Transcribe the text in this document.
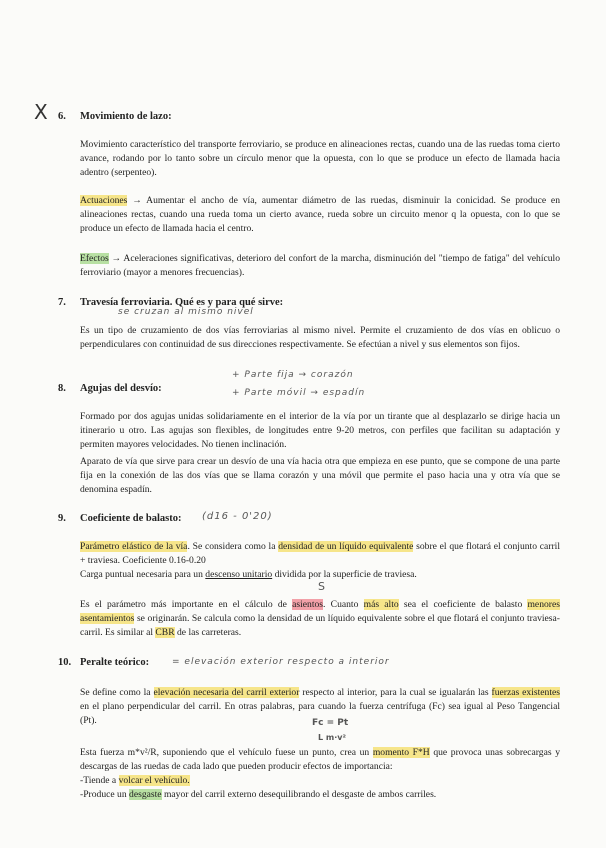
X 6. Movimiento de lazo:
Movimiento característico del transporte ferroviario, se produce en alineaciones rectas, cuando una de las ruedas toma cierto avance, rodando por lo tanto sobre un círculo menor que la opuesta, con lo que se produce un efecto de llamada hacia adentro (serpenteo).
Actuaciones → Aumentar el ancho de vía, aumentar diámetro de las ruedas, disminuir la conicidad. Se produce en alineaciones rectas, cuando una rueda toma un cierto avance, rueda sobre un circuito menor q la opuesta, con lo que se produce un efecto de llamada hacia el centro.
Efectos → Aceleraciones significativas, deterioro del confort de la marcha, disminución del "tiempo de fatiga" del vehículo ferroviario (mayor a menores frecuencias).
7. Travesía ferroviaria. Qué es y para qué sirve:
se cruzan al mismo nivel
Es un tipo de cruzamiento de dos vías ferroviarias al mismo nivel. Permite el cruzamiento de dos vías en oblicuo o perpendiculares con continuidad de sus direcciones respectivamente. Se efectúan a nivel y sus elementos son fijos.
8. Agujas del desvío:
+ Parte fija → corazón
+ Parte móvil → espadín
Formado por dos agujas unidas solidariamente en el interior de la vía por un tirante que al desplazarlo se dirige hacia un itinerario u otro. Las agujas son flexibles, de longitudes entre 9-20 metros, con perfiles que facilitan su adaptación y permiten mayores velocidades. No tienen inclinación.
Aparato de vía que sirve para crear un desvío de una vía hacia otra que empieza en ese punto, que se compone de una parte fija en la conexión de las dos vías que se llama corazón y una móvil que permite el paso hacia una y otra vía que se denomina espadín.
9. Coeficiente de balasto:	(d16 - 0'20)
Parámetro elástico de la vía. Se considera como la densidad de un líquido equivalente sobre el que flotará el conjunto carril + traviesa. Coeficiente 0.16-0.20
Carga puntual necesaria para un descenso unitario dividida por la superficie de traviesa.
S
Es el parámetro más importante en el cálculo de asientos. Cuanto más alto sea el coeficiente de balasto menores asentamientos se originarán. Se calcula como la densidad de un líquido equivalente sobre el que flotará el conjunto traviesa-carril. Es similar al CBR de las carreteras.
10. Peralte teórico:	= elevación exterior respecto a interior
Se define como la elevación necesaria del carril exterior respecto al interior, para la cual se igualarán las fuerzas existentes en el plano perpendicular del carril. En otras palabras, para cuando la fuerza centrífuga (Fc) sea igual al Peso Tangencial (Pt).	Fc = Pt
L m·v²
Esta fuerza m*v²/R, suponiendo que el vehículo fuese un punto, crea un momento F*H que provoca unas sobrecargas y descargas de las ruedas de cada lado que pueden producir efectos de importancia:
-Tiende a volcar el vehículo.
-Produce un desgaste mayor del carril externo desequilibrando el desgaste de ambos carriles.
